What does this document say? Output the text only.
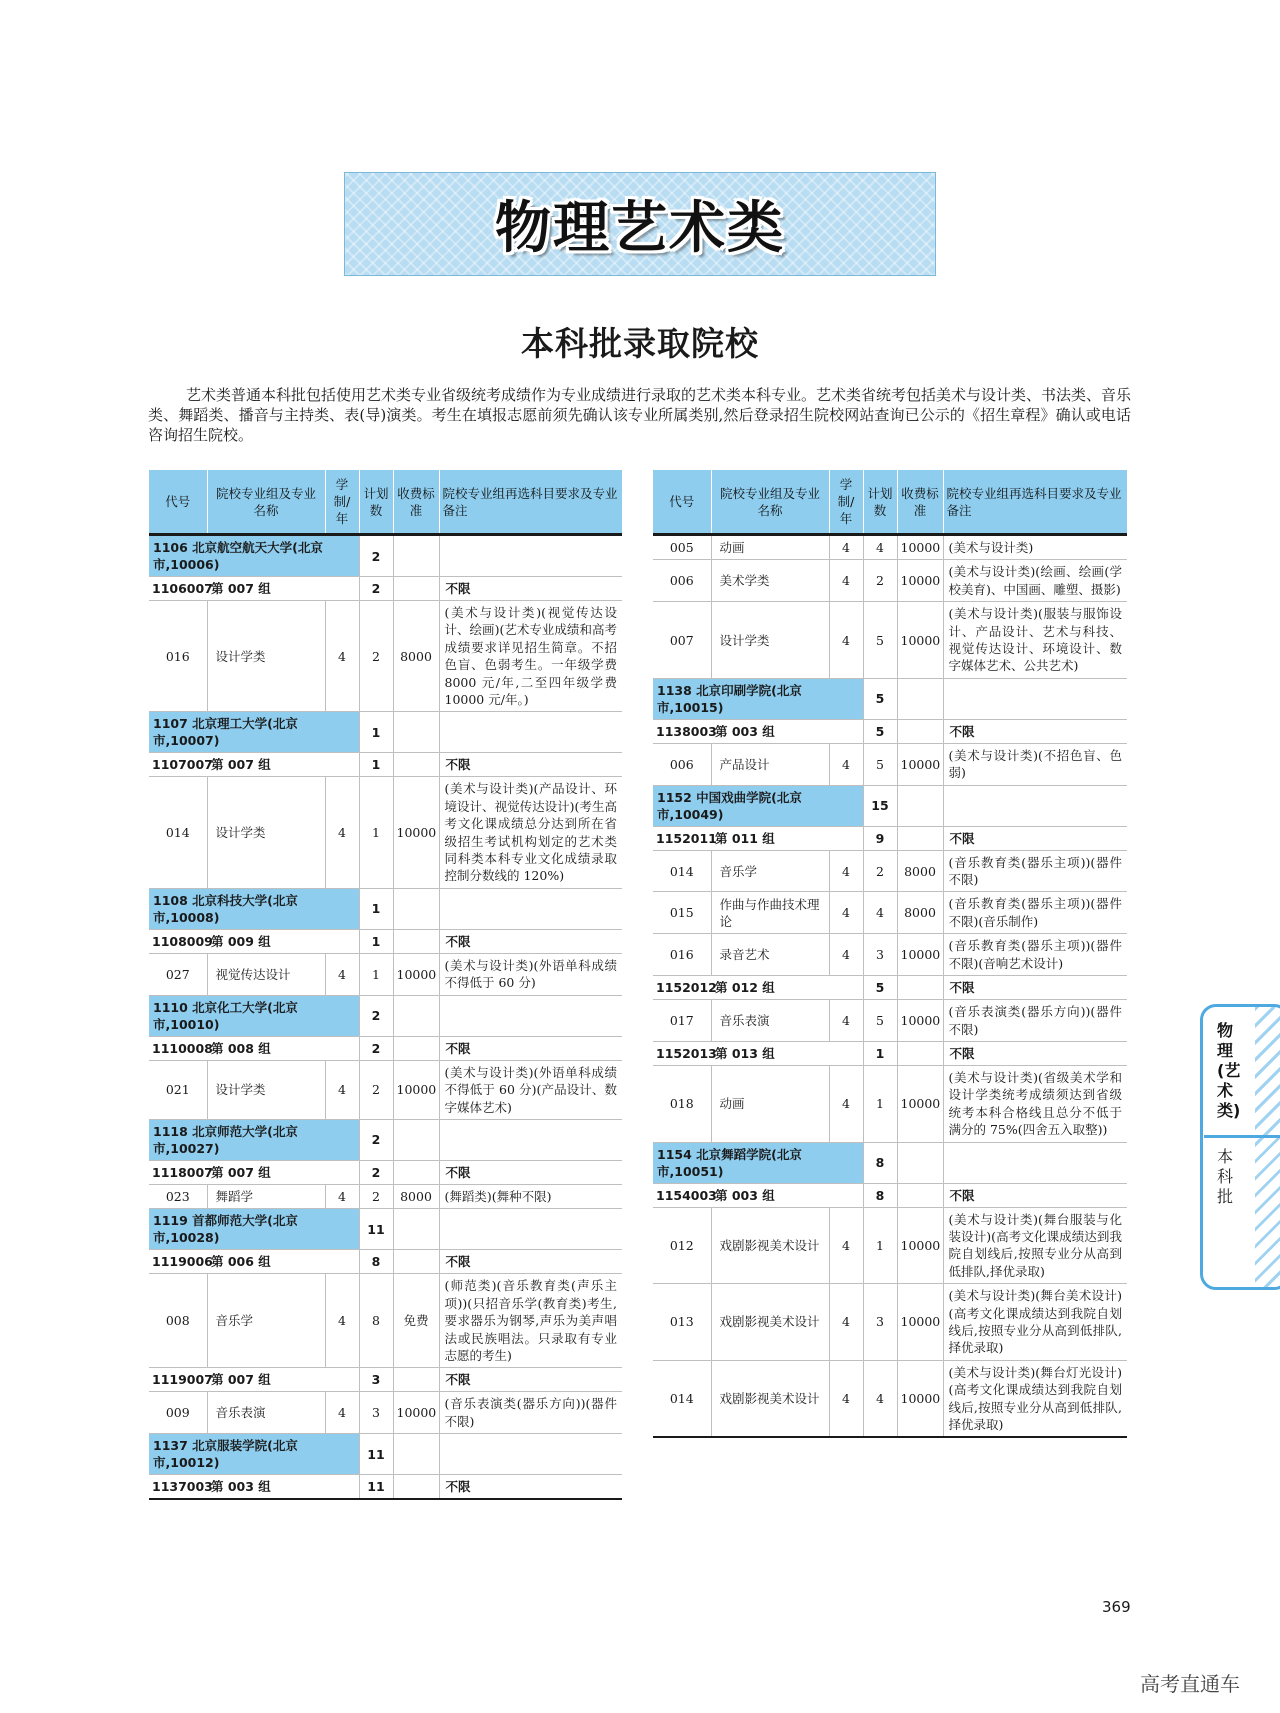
物理艺术类
本科批录取院校

艺术类普通本科批包括使用艺术类专业省级统考成绩作为专业成绩进行录取的艺术类本科专业。艺术类省统考包括美术与设计类、书法类、音乐类、舞蹈类、播音与主持类、表(导)演类。考生在填报志愿前须先确认该专业所属类别,然后登录招生院校网站查询已公示的《招生章程》确认或电话咨询招生院校。

代号	院校专业组及专业名称	学制/年	计划数	收费标准	院校专业组再选科目要求及专业备注
1106 北京航空航天大学(北京市,10006)			2		
1106007	第 007 组		2		不限
016	设计学类	4	2	8000	(美术与设计类)(视觉传达设计、绘画)(艺术专业成绩和高考成绩要求详见招生简章。不招色盲、色弱考生。一年级学费 8000 元/年,二至四年级学费 10000 元/年。)
1107 北京理工大学(北京市,10007)			1		
1107007	第 007 组		1		不限
014	设计学类	4	1	10000	(美术与设计类)(产品设计、环境设计、视觉传达设计)(考生高考文化课成绩总分达到所在省级招生考试机构划定的艺术类同科类本科专业文化成绩录取控制分数线的 120%)
1108 北京科技大学(北京市,10008)			1		
1108009	第 009 组		1		不限
027	视觉传达设计	4	1	10000	(美术与设计类)(外语单科成绩不得低于 60 分)
1110 北京化工大学(北京市,10010)			2		
1110008	第 008 组		2		不限
021	设计学类	4	2	10000	(美术与设计类)(外语单科成绩不得低于 60 分)(产品设计、数字媒体艺术)
1118 北京师范大学(北京市,10027)			2		
1118007	第 007 组		2		不限
023	舞蹈学	4	2	8000	(舞蹈类)(舞种不限)
1119 首都师范大学(北京市,10028)			11		
1119006	第 006 组		8		不限
008	音乐学	4	8	免费	(师范类)(音乐教育类(声乐主项))(只招音乐学(教育类)考生,要求器乐为钢琴,声乐为美声唱法或民族唱法。只录取有专业志愿的考生)
1119007	第 007 组		3		不限
009	音乐表演	4	3	10000	(音乐表演类(器乐方向))(器件不限)
1137 北京服装学院(北京市,10012)			11		
1137003	第 003 组		11		不限
代号	院校专业组及专业名称	学制/年	计划数	收费标准	院校专业组再选科目要求及专业备注
005	动画	4	4	10000	(美术与设计类)
006	美术学类	4	2	10000	(美术与设计类)(绘画、绘画(学校美育)、中国画、雕塑、摄影)
007	设计学类	4	5	10000	(美术与设计类)(服装与服饰设计、产品设计、艺术与科技、视觉传达设计、环境设计、数字媒体艺术、公共艺术)
1138 北京印刷学院(北京市,10015)			5		
1138003	第 003 组		5		不限
006	产品设计	4	5	10000	(美术与设计类)(不招色盲、色弱)
1152 中国戏曲学院(北京市,10049)			15		
1152011	第 011 组		9		不限
014	音乐学	4	2	8000	(音乐教育类(器乐主项))(器件不限)
015	作曲与作曲技术理论	4	4	8000	(音乐教育类(器乐主项))(器件不限)(音乐制作)
016	录音艺术	4	3	10000	(音乐教育类(器乐主项))(器件不限)(音响艺术设计)
1152012	第 012 组		5		不限
017	音乐表演	4	5	10000	(音乐表演类(器乐方向))(器件不限)
1152013	第 013 组		1		不限
018	动画	4	1	10000	(美术与设计类)(省级美术学和设计学类统考成绩须达到省级统考本科合格线且总分不低于满分的 75%(四舍五入取整))
1154 北京舞蹈学院(北京市,10051)			8		
1154003	第 003 组		8		不限
012	戏剧影视美术设计	4	1	10000	(美术与设计类)(舞台服装与化装设计)(高考文化课成绩达到我院自划线后,按照专业分从高到低排队,择优录取)
013	戏剧影视美术设计	4	3	10000	(美术与设计类)(舞台美术设计)(高考文化课成绩达到我院自划线后,按照专业分从高到低排队,择优录取)
014	戏剧影视美术设计	4	4	10000	(美术与设计类)(舞台灯光设计)(高考文化课成绩达到我院自划线后,按照专业分从高到低排队,择优录取)
物理(艺术类)
本科批
369
高考直通车
